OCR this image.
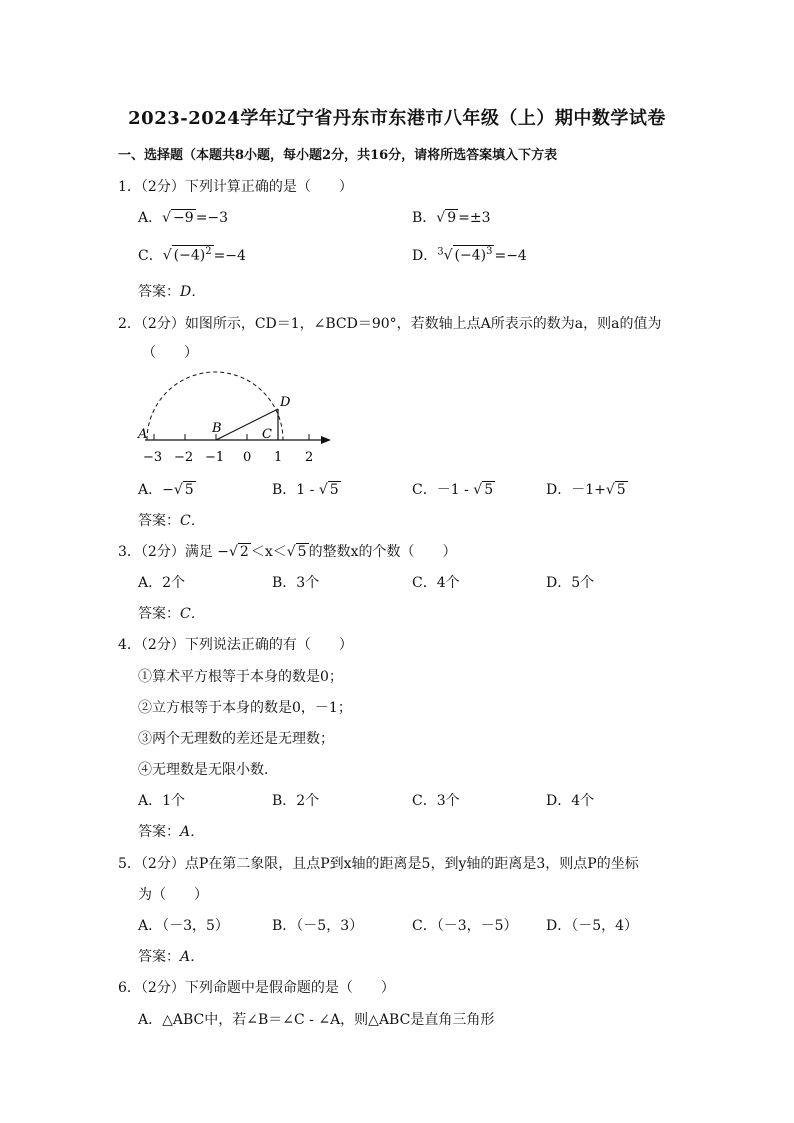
2023-2024学年辽宁省丹东市东港市八年级（上）期中数学试卷
一、选择题（本题共8小题，每小题2分，共16分，请将所选答案填入下方表
1．（2分）下列计算正确的是（　　）
A．√ −9 =−3	B．√ 9 =±3
C．√ $(-4)^2 =-4$	D．$^3$√ $(-4)^3 =-4$
答案：D．
2．（2分）如图所示，CD＝1，∠BCD＝90°，若数轴上点A所表示的数为a，则a的值为
（　　）
A	B	C
D
−3 −2 −1 0 1 2
A．−√ 5	B．1 - √ 5	C．－1 - √ 5	D．－1+√ 5
答案：C．
3．（2分）满足 −√ 2 ＜x＜√ 5 的整数x的个数（　　）
A．2个	B．3个	C．4个	D．5个
答案：C．
4．（2分）下列说法正确的有（　　）
①算术平方根等于本身的数是0；
②立方根等于本身的数是0，－1；
③两个无理数的差还是无理数；
④无理数是无限小数．
A．1个	B．2个	C．3个	D．4个
答案：A．
5．（2分）点P在第二象限，且点P到x轴的距离是5，到y轴的距离是3，则点P的坐标
为（　　）
A．（－3，5）	B．（－5，3）	C．（－3，－5） D．（－5，4）
答案：A．
6．（2分）下列命题中是假命题的是（　　）
A．△ABC中，若∠B＝∠C - ∠A，则△ABC是直角三角形
